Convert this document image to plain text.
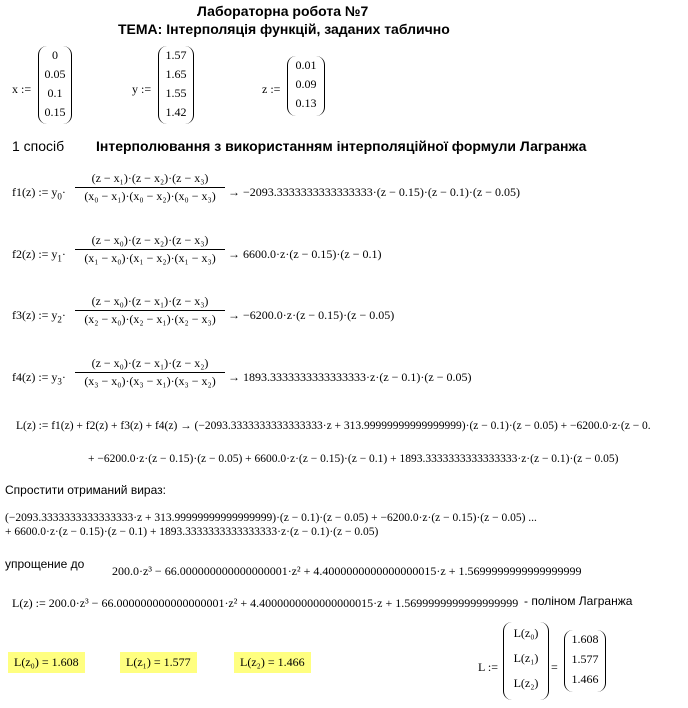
Лабораторна робота №7
ТЕМА: Інтерполяція функцій, заданих таблично
x :=
0
0.05
0.1
0.15
y :=
1.57
1.65
1.55
1.42
z :=
0.01
0.09
0.13
1 спосіб Інтерполювання з використанням інтерполяційної формули Лагранжа
f1(z) := $y_0\cdot \frac{\text{(z − x₁)·(z − x₂)·(z − x₃)}}{\text{(x₀ − x₁)·(x₀ − x₂)·(x₀ − x₃)}} \to -2093.3333333333333333\cdot(z - 0.15)\cdot(z - 0.1)\cdot(z - 0.05)$
f2(z) := $y_1\cdot \frac{\text{(z − x₀)·(z − x₂)·(z − x₃)}}{\text{(x₁ − x₀)·(x₁ − x₂)·(x₁ − x₃)}} \to 6600.0\cdot z\cdot(z - 0.15)\cdot(z - 0.1)$
f3(z) := $y_2\cdot \frac{\text{(z − x₀)·(z − x₁)·(z − x₃)}}{\text{(x₂ − x₀)·(x₂ − x₁)·(x₂ − x₃)}} \to -6200.0\cdot z\cdot(z - 0.15)\cdot(z - 0.05)$
f4(z) := $y_3\cdot \frac{\text{(z − x₀)·(z − x₁)·(z − x₂)}}{\text{(x₃ − x₀)·(x₃ − x₁)·(x₃ − x₂)}} \to 1893.3333333333333333\cdot z\cdot(z - 0.1)\cdot(z - 0.05)$
L(z) := f1(z) + f2(z) + f3(z) + f4(z) → (−2093.3333333333333333·z + 313.99999999999999999)·(z − 0.1)·(z − 0.05) + −6200.0·z·(z − 0.
+ −6200.0·z·(z − 0.15)·(z − 0.05) + 6600.0·z·(z − 0.15)·(z − 0.1) + 1893.3333333333333333·z·(z − 0.1)·(z − 0.05)
Спростити отриманий вираз:
(−2093.3333333333333333·z + 313.99999999999999999)·(z − 0.1)·(z − 0.05) + −6200.0·z·(z − 0.15)·(z − 0.05) ...
+ 6600.0·z·(z − 0.15)·(z − 0.1) + 1893.3333333333333333·z·(z − 0.1)·(z − 0.05)
упрощение до 200.0·z³ − 66.000000000000000001·z² + 4.4000000000000000015·z + 1.5699999999999999999
L(z) := 200.0·z³ − 66.000000000000000001·z² + 4.4000000000000000015·z + 1.5699999999999999999 - поліном Лагранжа
L(z₀) = 1.608	L(z₁) = 1.577	L(z₂) = 1.466	L :=
L(z₀)
L(z₁)
L(z₂)
=
1.608
1.577
1.466
